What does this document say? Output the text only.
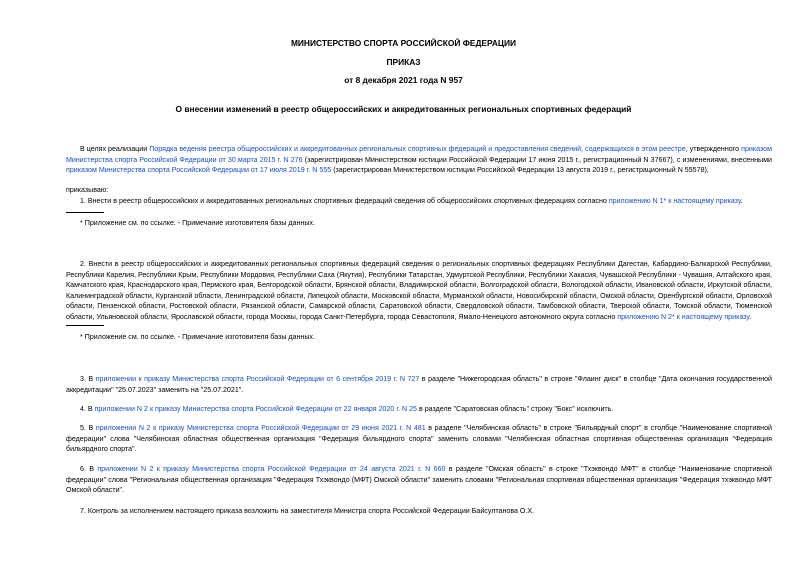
МИНИСТЕРСТВО СПОРТА РОССИЙСКОЙ ФЕДЕРАЦИИ
ПРИКАЗ
от 8 декабря 2021 года N 957
О внесении изменений в реестр общероссийских и аккредитованных региональных спортивных федераций
В целях реализации Порядка ведения реестра общероссийских и аккредитованных региональных спортивных федераций и предоставления сведений, содержащихся в этом реестре, утвержденного приказом Министерства спорта Российской Федерации от 30 марта 2015 г. N 276 (зарегистрирован Министерством юстиции Российской Федерации 17 июня 2015 г., регистрационный N 37667), с изменениями, внесенными приказом Министерства спорта Российской Федерации от 17 июля 2019 г. N 555 (зарегистрирован Министерством юстиции Российской Федерации 13 августа 2019 г., регистрационный N 55578),
приказываю:
1. Внести в реестр общероссийских и аккредитованных региональных спортивных федераций сведения об общероссийских спортивных федерациях согласно приложению N 1* к настоящему приказу.
* Приложение см. по ссылке. - Примечание изготовителя базы данных.
2. Внести в реестр общероссийских и аккредитованных региональных спортивных федераций сведения о региональных спортивных федерациях Республики Дагестан, Кабардино-Балкарской Республики, Республики Карелия, Республики Крым, Республики Мордовия, Республики Саха (Якутия), Республики Татарстан, Удмуртской Республики, Республики Хакасия, Чувашской Республики - Чувашия, Алтайского края, Камчатского края, Краснодарского края, Пермского края, Белгородской области, Брянской области, Владимирской области, Волгоградской области, Вологодской области, Ивановской области, Иркутской области, Калининградской области, Курганской области, Ленинградской области, Липецкой области, Московской области, Мурманской области, Новосибирской области, Омской области, Оренбургской области, Орловской области, Пензенской области, Ростовской области, Рязанской области, Самарской области, Саратовской области, Свердловской области, Тамбовской области, Тверской области, Томской области, Тюменской области, Ульяновской области, Ярославской области, города Москвы, города Санкт-Петербурга, города Севастополя, Ямало-Ненецкого автономного округа согласно приложению N 2* к настоящему приказу.
* Приложение см. по ссылке. - Примечание изготовителя базы данных.
3. В приложении к приказу Министерства спорта Российской Федерации от 6 сентября 2019 г. N 727 в разделе "Нижегородская область" в строке "Флаинг диск" в столбце "Дата окончания государственной аккредитации" "25.07.2023" заменить на "25.07.2021".
4. В приложении N 2 к приказу Министерства спорта Российской Федерации от 22 января 2020 г. N 25 в разделе "Саратовская область" строку "Бокс" исключить.
5. В приложении N 2 к приказу Министерства спорта Российской Федерации от 29 июня 2021 г. N 481 в разделе "Челябинская область" в строке "Бильярдный спорт" в столбце "Наименование спортивной федерации" слова "Челябинская областная общественная организация "Федерация бильярдного спорта" заменить словами "Челябинская областная спортивная общественная организация "Федерация бильярдного спорта".
6. В приложении N 2 к приказу Министерства спорта Российской Федерации от 24 августа 2021 г. N 660 в разделе "Омская область" в строке "Тхэквондо МФТ" в столбце "Наименование спортивной федерации" слова "Региональная общественная организация "Федерация Тхэквондо (МФТ) Омской области" заменить словами "Региональная спортивная общественная организация "Федерация тхэквондо МФТ Омской области".
7. Контроль за исполнением настоящего приказа возложить на заместителя Министра спорта Российской Федерации Байсултанова О.Х.
